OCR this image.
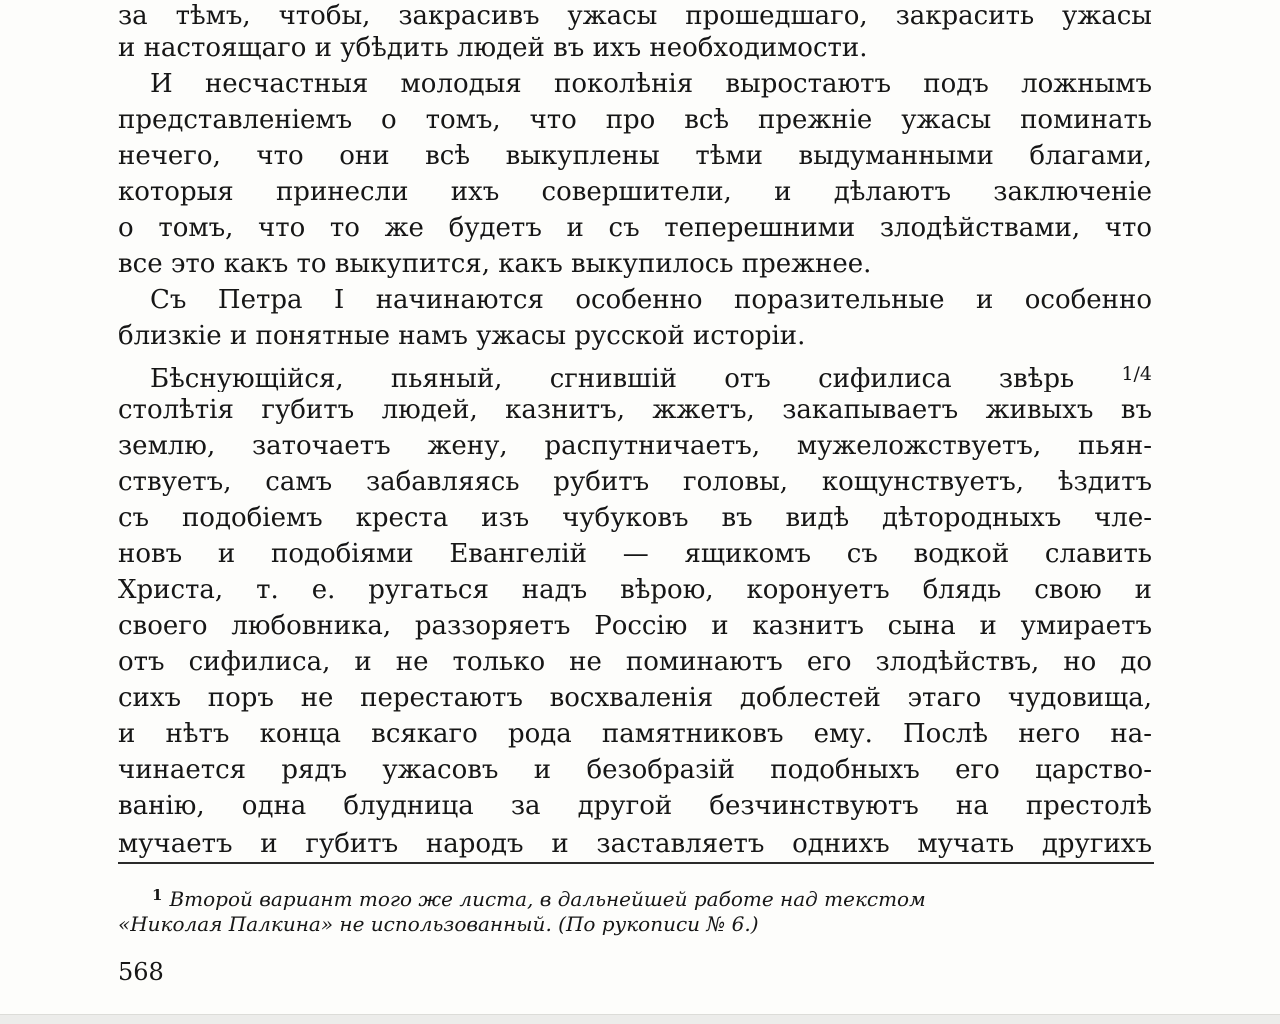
за тѣмъ, чтобы, закрасивъ ужасы прошедшаго, закрасить ужасы
и настоящаго и убѣдить людей въ ихъ необходимости.
И несчастныя молодыя поколѣнія выростаютъ подъ ложнымъ
представленіемъ о томъ, что про всѣ прежніе ужасы поминать
нечего, что они всѣ выкуплены тѣми выдуманными благами,
которыя принесли ихъ совершители, и дѣлаютъ заключеніе
о томъ, что то же будетъ и съ теперешними злодѣйствами, что
все это какъ то выкупится, какъ выкупилось прежнее.
Съ Петра I начинаются особенно поразительные и особенно
близкіе и понятные намъ ужасы русской исторіи.
Бѣснующійся, пьяный, сгнившій отъ сифилиса звѣрь $^{1/4}$
столѣтія губитъ людей, казнитъ, жжетъ, закапываетъ живыхъ въ
землю, заточаетъ жену, распутничаетъ, мужеложствуетъ, пьян-
ствуетъ, самъ забавляясь рубитъ головы, кощунствуетъ, ѣздитъ
съ подобіемъ креста изъ чубуковъ въ видѣ дѣтородныхъ чле-
новъ и подобіями Евангелій — ящикомъ съ водкой славить
Христа, т. е. ругаться надъ вѣрою, коронуетъ блядь свою и
своего любовника, раззоряетъ Россію и казнитъ сына и умираетъ
отъ сифилиса, и не только не поминаютъ его злодѣйствъ, но до
сихъ поръ не перестаютъ восхваленія доблестей этаго чудовища,
и нѣтъ конца всякаго рода памятниковъ ему. Послѣ него на-
чинается рядъ ужасовъ и безобразій подобныхъ его царство-
ванію, одна блудница за другой безчинствуютъ на престолѣ
мучаетъ и губитъ народъ и заставляетъ однихъ мучать другихъ
$^1$ Второй вариант того же листа, в дальнейшей работе над текстом
«Николая Палкина» не использованный. (По рукописи № 6.)
568
